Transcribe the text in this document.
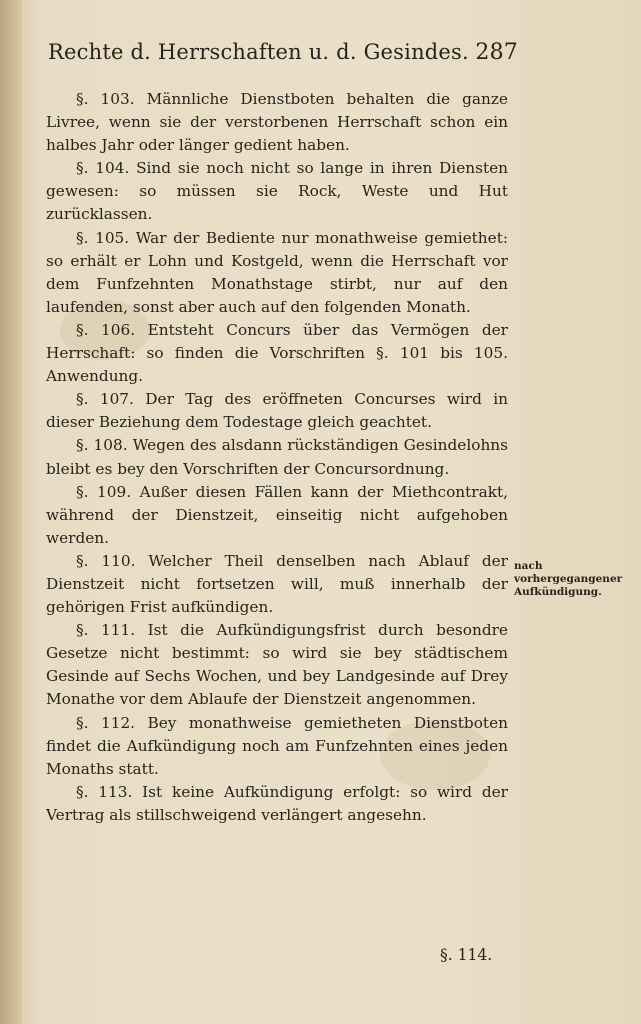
Rechte d. Herrschaften u. d. Gesindes. 287

§. 103. Männliche Dienstboten behalten die ganze Livree, wenn sie der verstorbenen Herrschaft schon ein halbes Jahr oder länger gedient haben.

§. 104. Sind sie noch nicht so lange in ihren Diensten gewesen: so müssen sie Rock, Weste und Hut zurücklassen.

§. 105. War der Bediente nur monathweise gemiethet: so erhält er Lohn und Kostgeld, wenn die Herrschaft vor dem Funfzehnten Monathstage stirbt, nur auf den laufenden, sonst aber auch auf den folgenden Monath.

§. 106. Entsteht Concurs über das Vermögen der Herrschaft: so finden die Vorschriften §. 101 bis 105. Anwendung.

§. 107. Der Tag des eröffneten Concurses wird in dieser Beziehung dem Todestage gleich geachtet.

§. 108. Wegen des alsdann rückständigen Gesindelohns bleibt es bey den Vorschriften der Concursordnung.

§. 109. Außer diesen Fällen kann der Miethcontrakt, während der Dienstzeit, einseitig nicht aufgehoben werden.

§. 110. Welcher Theil denselben nach Ablauf der Dienstzeit nicht fortsetzen will, muß innerhalb der gehörigen Frist aufkündigen.

§. 111. Ist die Aufkündigungsfrist durch besondre Gesetze nicht bestimmt: so wird sie bey städtischem Gesinde auf Sechs Wochen, und bey Landgesinde auf Drey Monathe vor dem Ablaufe der Dienstzeit angenommen.

§. 112. Bey monathweise gemietheten Dienstboten findet die Aufkündigung noch am Funfzehnten eines jeden Monaths statt.

§. 113. Ist keine Aufkündigung erfolgt: so wird der Vertrag als stillschweigend verlängert angesehn.

nach vorhergegangener Aufkündigung.
§. 114.
